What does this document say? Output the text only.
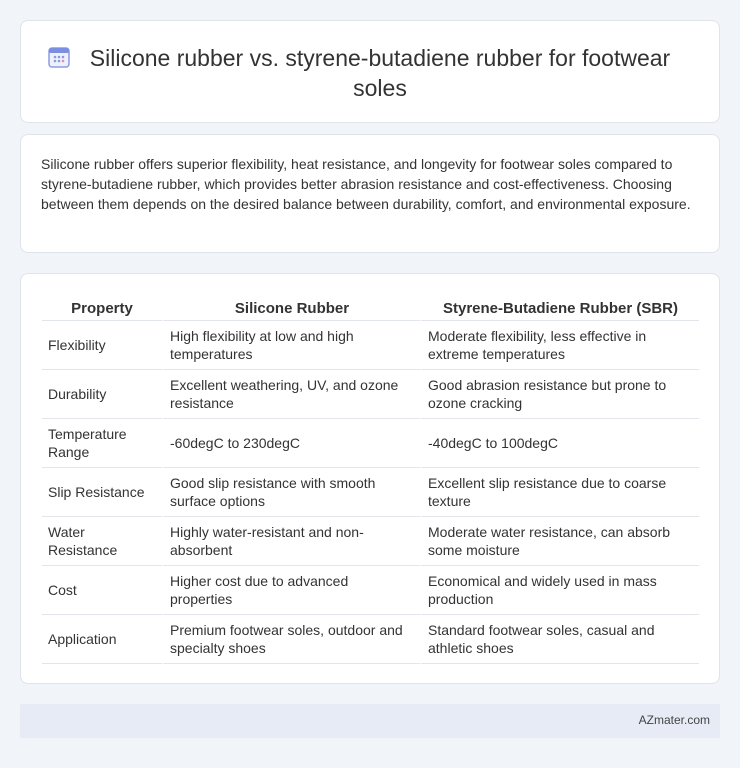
Silicone rubber vs. styrene-butadiene rubber for footwear soles

Silicone rubber offers superior flexibility, heat resistance, and longevity for footwear soles compared to styrene-butadiene rubber, which provides better abrasion resistance and cost-effectiveness. Choosing between them depends on the desired balance between durability, comfort, and environmental exposure.

Property	Silicone Rubber	Styrene-Butadiene Rubber (SBR)
Flexibility	High flexibility at low and high temperatures	Moderate flexibility, less effective in extreme temperatures
Durability	Excellent weathering, UV, and ozone resistance	Good abrasion resistance but prone to ozone cracking
Temperature Range	-60degC to 230degC	-40degC to 100degC
Slip Resistance	Good slip resistance with smooth surface options	Excellent slip resistance due to coarse texture
Water Resistance	Highly water-resistant and non-absorbent	Moderate water resistance, can absorb some moisture
Cost	Higher cost due to advanced properties	Economical and widely used in mass production
Application	Premium footwear soles, outdoor and specialty shoes	Standard footwear soles, casual and athletic shoes
AZmater.com
